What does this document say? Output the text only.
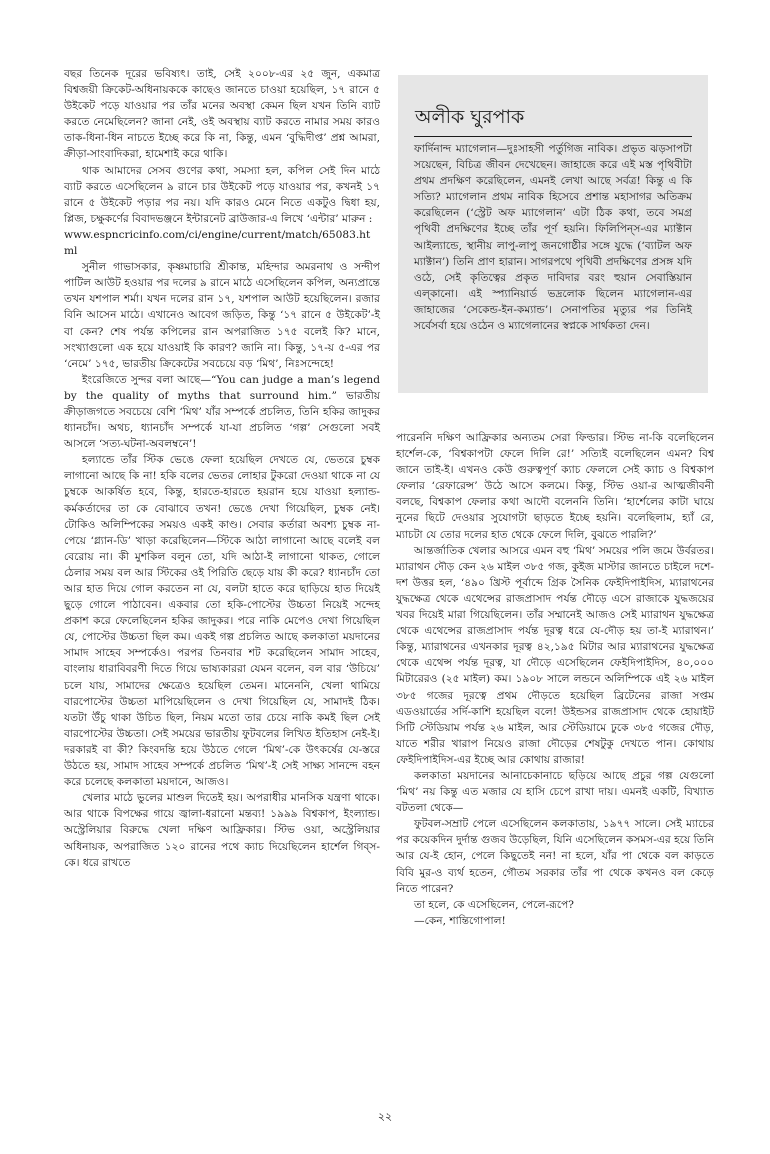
বছর তিনেক দূরের ভবিষ্যৎ। তাই, সেই ২০০৮-এর ২৫ জুন, একমাত্র বিশ্বজয়ী ক্রিকেট-অধিনায়ককে কাছেও জানতে চাওয়া হয়েছিল, ১৭ রানে ৫ উইকেট পড়ে যাওয়ার পর তাঁর মনের অবস্থা কেমন ছিল যখন তিনি ব্যাট করতে নেমেছিলেন? জানা নেই, ওই অবস্থায় ব্যাট করতে নামার সময় কারও তাক-ধিনা-ধিন নাচতে ইচ্ছে করে কি না, কিন্তু, এমন ‘বুদ্ধিদীপ্ত’ প্রশ্ন আমরা, ক্রীড়া-সাংবাদিকরা, হামেশাই করে থাকি।

থাক আমাদের সেসব গুণের কথা, সমস্যা হল, কপিল সেই দিন মাঠে ব্যাট করতে এসেছিলেন ৯ রানে চার উইকেট পড়ে যাওয়ার পর, কখনই ১৭ রানে ৫ উইকেট পড়ার পর নয়। যদি কারও মেনে নিতে একটুও দ্বিধা হয়, প্লিজ, চক্ষুকর্ণের বিবাদভঞ্জনে ইন্টারনেট ব্রাউজার-এ লিখে ‘এন্টার’ মারুন :

www.espncricinfo.com/ci/engine/current/match/65083.html

সুনীল গাভাসকার, কৃষ্ণমাচারি শ্রীকান্ত, মহিন্দার অমরনাথ ও সন্দীপ পাটিল আউট হওয়ার পর দলের ৯ রানে মাঠে এসেছিলেন কপিল, অন্যপ্রান্তে তখন যশপাল শর্মা। যখন দলের রান ১৭, যশপাল আউট হয়েছিলেন। রজার বিনি আসেন মাঠে। এখানেও আবেগ জড়িত, কিন্তু ‘১৭ রানে ৫ উইকেট’-ই বা কেন? শেষ পর্যন্ত কপিলের রান অপরাজিত ১৭৫ বলেই কি? মানে, সংখ্যাগুলো এক হয়ে যাওয়াই কি কারণ? জানি না। কিন্তু, ১৭-য় ৫-এর পর ‘নেমে’ ১৭৫, ভারতীয় ক্রিকেটের সবচেয়ে বড় ‘মিথ’, নিঃসন্দেহে!

ইংরেজিতে সুন্দর বলা আছে—“You can judge a man’s legend by the quality of myths that surround him.” ভারতীয় ক্রীড়াজগতে সবচেয়ে বেশি ‘মিথ’ যাঁর সম্পর্কে প্রচলিত, তিনি হকির জাদুকর ধ্যানচাঁদ। অথচ, ধ্যানচাঁদ সম্পর্কে যা-যা প্রচলিত ‘গল্প’ সেগুলো সবই আসলে ‘সত্য-ঘটনা-অবলম্বনে’!

হল্যান্ডে তাঁর স্টিক ভেঙে ফেলা হয়েছিল দেখতে যে, ভেতরে চুম্বক লাগানো আছে কি না! হকি বলের ভেতর লোহার টুকরো দেওয়া থাকে না যে চুম্বকে আকর্ষিত হবে, কিন্তু, হারতে-হারতে হয়রান হয়ে যাওয়া হল্যান্ড-কর্মকর্তাদের তা কে বোঝাবে তখন! ভেঙে দেখা গিয়েছিল, চুম্বক নেই। টোকিও অলিম্পিকের সময়ও একই কাণ্ড। সেবার কর্তারা অবশ্য চুম্বক না-পেয়ে ‘গ্ল্যান-ডি’ খাড়া করেছিলেন—স্টিকে আঠা লাগানো আছে বলেই বল বেরোয় না। কী মুশকিল বলুন তো, যদি আঠা-ই লাগানো থাকত, গোলে ঠেলার সময় বল আর স্টিকের ওই পিরিতি ছেড়ে যায় কী করে? ধ্যানচাঁদ তো আর হাত দিয়ে গোল করতেন না যে, বলটা হাতে করে ছাড়িয়ে হাত দিয়েই ছুড়ে গোলে পাঠাবেন। একবার তো হকি-পোস্টের উচ্চতা নিয়েই সন্দেহ প্রকাশ করে ফেলেছিলেন হকির জাদুকর। পরে নাকি মেপেও দেখা গিয়েছিল যে, পোস্টের উচ্চতা ছিল কম। একই গল্প প্রচলিত আছে কলকাতা ময়দানের সামাদ সাহেব সম্পর্কেও। পরপর তিনবার শট করেছিলেন সামাদ সাহেব, বাংলায় ধারাবিবরণী দিতে গিয়ে ভাষ্যকাররা যেমন বলেন, বল বার ‘উচিয়ে’ চলে যায়, সামাদের ক্ষেত্রেও হয়েছিল তেমন। মানেননি, খেলা থামিয়ে বারপোস্টের উচ্চতা মাপিয়েছিলেন ও দেখা গিয়েছিল যে, সামাদই ঠিক। যতটা উঁচু থাকা উচিত ছিল, নিয়ম মতো তার চেয়ে নাকি কমই ছিল সেই বারপোস্টের উচ্চতা। সেই সময়ের ভারতীয় ফুটবলের লিখিত ইতিহাস নেই-ই। দরকারই বা কী? কিংবদন্তি হয়ে উঠতে গেলে ‘মিথ’-কে উৎকর্ষের যে-স্তরে উঠতে হয়, সামাদ সাহেব সম্পর্কে প্রচলিত ‘মিথ’-ই সেই সাক্ষ্য সানন্দে বহন করে চলেছে কলকাতা ময়দানে, আজও।

খেলার মাঠে ভুলের মাশুল দিতেই হয়। অপরাধীর মানসিক যন্ত্রণা থাকে। আর থাকে বিপক্ষের গায়ে জ্বালা-ধরানো মন্তব্য! ১৯৯৯ বিশ্বকাপ, ইংল্যান্ড। অস্ট্রেলিয়ার বিরুদ্ধে খেলা দক্ষিণ আফ্রিকার। স্টিভ ওয়া, অস্ট্রেলিয়ার অধিনায়ক, অপরাজিত ১২০ রানের পথে ক্যাচ দিয়েছিলেন হার্শেল গিব্‌স-কে। ধরে রাখতে

অলীক ঘুরপাক

ফার্দিনান্দ ম্যাগেলান—দুঃসাহসী পর্তুগিজ নাবিক। প্রভৃত ঝড়সাপটা সয়েছেন, বিচিত্র জীবন দেখেছেন। জাহাজে করে এই মস্ত পৃথিবীটা প্রথম প্রদক্ষিণ করেছিলেন, এমনই লেখা আছে সর্বত্র! কিন্তু এ কি সত্যি? ম্যাগেলান প্রথম নাবিক হিসেবে প্রশান্ত মহাসাগর অতিক্রম করেছিলেন (‘স্ট্রেট অফ ম্যাগেলান’ এটা ঠিক কথা, তবে সমগ্র পৃথিবী প্রদক্ষিণের ইচ্ছে তাঁর পূর্ণ হয়নি। ফিলিপিন্‌স-এর ম্যাক্টান আইল্যান্ডে, স্থানীয় লাপু-লাপু জনগোষ্ঠীর সঙ্গে যুদ্ধে (‘ব্যাটল অফ ম্যাক্টান’) তিনি প্রাণ হারান। সাগরপথে পৃথিবী প্রদক্ষিণের প্রসঙ্গ যদি ওঠে, সেই কৃতিত্বের প্রকৃত দাবিদার বরং হুয়ান সেবাস্তিয়ান এল্‌কানো। এই স্প্যানিয়ার্ড ভদ্রলোক ছিলেন ম্যাগেলান-এর জাহাজের ‘সেকেন্ড-ইন-কম্যান্ড’। সেনাপতির মৃত্যুর পর তিনিই সর্বেসর্বা হয়ে ওঠেন ও ম্যাগেলানের স্বপ্নকে সার্থকতা দেন।

পারেননি দক্ষিণ আফ্রিকার অন্যতম সেরা ফিল্ডার। স্টিভ না-কি বলেছিলেন হার্শেল-কে, ‘বিশ্বকাপটা ফেলে দিলি রে!’ সত্যিই বলেছিলেন এমন? বিশ্ব জানে তাই-ই। এখনও কেউ গুরুত্বপূর্ণ ক্যাচ ফেললে সেই ক্যাচ ও বিশ্বকাপ ফেলার ‘রেফারেন্স’ উঠে আসে কলমে। কিন্তু, স্টিভ ওয়া-র আত্মজীবনী বলছে, বিশ্বকাপ ফেলার কথা আদৌ বলেননি তিনি। ‘হার্শেলের কাটা ঘায়ে নুনের ছিটে দেওয়ার সুযোগটা ছাড়তে ইচ্ছে হয়নি। বলেছিলাম, হ্যাঁ রে, ম্যাচটা যে তোর দলের হাত থেকে ফেলে দিলি, বুঝতে পারলি?’

আন্তর্জাতিক খেলার আসরে এমন বহু ‘মিথ’ সময়ের পলি জমে উর্বরতর। ম্যারাথন দৌড় কেন ২৬ মাইল ৩৮৫ গজ, কুইজ মাস্টার জানতে চাইলে দশে-দশ উত্তর হল, ‘৪৯০ খ্রিস্ট পূর্বাব্দে গ্রিক সৈনিক ফেইদিপাইদিস, ম্যারাথনের যুদ্ধক্ষেত্র থেকে এথেন্সের রাজপ্রাসাদ পর্যন্ত দৌড়ে এসে রাজাকে যুদ্ধজয়ের খবর দিয়েই মারা গিয়েছিলেন। তাঁর সম্মানেই আজও সেই ম্যারাথন যুদ্ধক্ষেত্র থেকে এথেন্সের রাজপ্রাসাদ পর্যন্ত দূরত্ব ধরে যে-দৌড় হয় তা-ই ম্যারাথন।’ কিন্তু, ম্যারাথনের এখনকার দূরত্ব ৪২,১৯৫ মিটার আর ম্যারাথনের যুদ্ধক্ষেত্র থেকে এথেন্স পর্যন্ত দূরত্ব, যা দৌড়ে এসেছিলেন ফেইদিপাইদিস, ৪০,০০০ মিটারেরও (২৫ মাইল) কম। ১৯০৮ সালে লন্ডনে অলিম্পিকে এই ২৬ মাইল ৩৮৫ গজের দূরত্বে প্রথম দৌড়তে হয়েছিল ব্রিটেনের রাজা সপ্তম এডওয়ার্ডের সর্দি-কাশি হয়েছিল বলে! উইন্ডসর রাজপ্রাসাদ থেকে হোয়াইট সিটি স্টেডিয়াম পর্যন্ত ২৬ মাইল, আর স্টেডিয়ামে ঢুকে ৩৮৫ গজের দৌড়, যাতে শরীর খারাপ নিয়েও রাজা দৌড়ের শেষটুকু দেখতে পান। কোথায় ফেইদিপাইদিস-এর ইচ্ছে আর কোথায় রাজার!

কলকাতা ময়দানের আনাচেকানাচে ছড়িয়ে আছে প্রচুর গল্প যেগুলো ‘মিথ’ নয় কিন্তু এত মজার যে হাসি চেপে রাখা দায়। এমনই একটি, বিখ্যাত বটতলা থেকে—

ফুটবল-সম্রাট পেলে এসেছিলেন কলকাতায়, ১৯৭৭ সালে। সেই ম্যাচের পর কয়েকদিন দুর্দান্ত গুজব উড়েছিল, যিনি এসেছিলেন কসমস-এর হয়ে তিনি আর যে-ই হোন, পেলে কিছুতেই নন! না হলে, যাঁর পা থেকে বল কাড়তে বিবি মুর-ও ব্যর্থ হতেন, গৌতম সরকার তাঁর পা থেকে কখনও বল কেড়ে নিতে পারেন?

তা হলে, কে এসেছিলেন, পেলে-রূপে?

—কেন, শান্তিগোপাল!

২২
